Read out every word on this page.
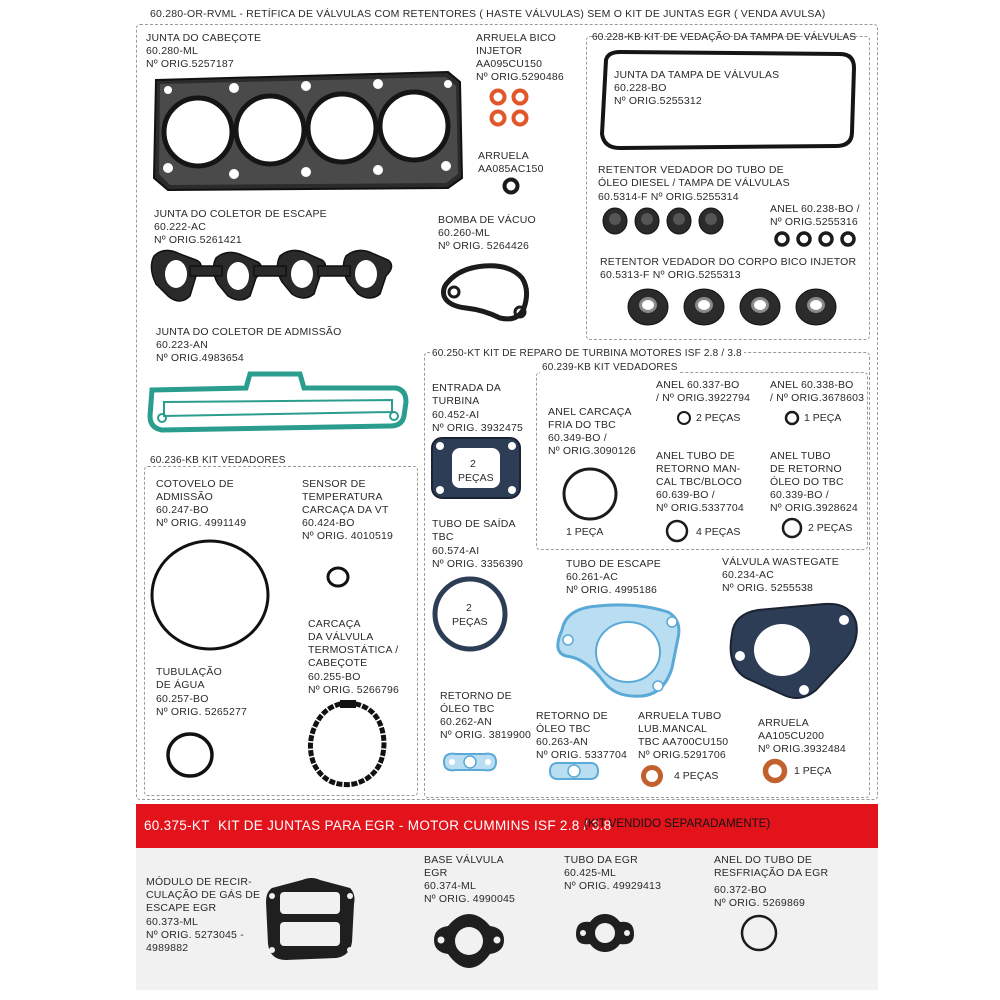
60.280-OR-RVML - RETÍFICA DE VÁLVULAS COM RETENTORES ( HASTE VÁLVULAS) SEM O KIT DE JUNTAS EGR ( VENDA AVULSA)
JUNTA DO CABEÇOTE
60.280-ML
Nº ORIG.5257187
ARRUELA BICO
INJETOR
AA095CU150
Nº ORIG.5290486
ARRUELA
AA085AC150
JUNTA DO COLETOR DE ESCAPE
60.222-AC
Nº ORIG.5261421
BOMBA DE VÁCUO
60.260-ML
Nº ORIG. 5264426
JUNTA DO COLETOR DE ADMISSÃO
60.223-AN
Nº ORIG.4983654
60.228-KB KIT DE VEDAÇÃO DA TAMPA DE VÁLVULAS
JUNTA DA TAMPA DE VÁLVULAS
60.228-BO
Nº ORIG.5255312
RETENTOR VEDADOR DO TUBO DE
ÓLEO DIESEL / TAMPA DE VÁLVULAS
60.5314-F Nº ORIG.5255314
ANEL 60.238-BO /
Nº ORIG.5255316
RETENTOR VEDADOR DO CORPO BICO INJETOR
60.5313-F Nº ORIG.5255313
60.250-KT KIT DE REPARO DE TURBINA MOTORES ISF 2.8 / 3.8
60.239-KB KIT VEDADORES
ENTRADA DA
TURBINA
60.452-AI
Nº ORIG. 3932475
2
PEÇAS
ANEL CARCAÇA
FRIA DO TBC
60.349-BO /
Nº ORIG.3090126
1 PEÇA
ANEL 60.337-BO
/ Nº ORIG.3922794
2 PEÇAS
ANEL 60.338-BO
/ Nº ORIG.3678603
1 PEÇA
ANEL TUBO DE
RETORNO MAN-
CAL TBC/BLOCO
60.639-BO /
Nº ORIG.5337704
4 PEÇAS
ANEL TUBO
DE RETORNO
ÓLEO DO TBC
60.339-BO /
Nº ORIG.3928624
2 PEÇAS
TUBO DE SAÍDA
TBC
60.574-AI
Nº ORIG. 3356390
2
PEÇAS
TUBO DE ESCAPE
60.261-AC
Nº ORIG. 4995186
VÁLVULA WASTEGATE
60.234-AC
Nº ORIG. 5255538
RETORNO DE
ÓLEO TBC
60.262-AN
Nº ORIG. 3819900
RETORNO DE
ÓLEO TBC
60.263-AN
Nº ORIG. 5337704
ARRUELA TUBO
LUB.MANCAL
TBC AA700CU150
Nº ORIG.5291706
4 PEÇAS
ARRUELA
AA105CU200
Nº ORIG.3932484
1 PEÇA
60.236-KB KIT VEDADORES
COTOVELO DE
ADMISSÃO
60.247-BO
Nº ORIG. 4991149
SENSOR DE
TEMPERATURA
CARCAÇA DA VT
60.424-BO
Nº ORIG. 4010519
CARCAÇA
DA VÁLVULA
TERMOSTÁTICA /
CABEÇOTE
60.255-BO
Nº ORIG. 5266796
TUBULAÇÃO
DE ÁGUA
60.257-BO
Nº ORIG. 5265277
60.375-KT KIT DE JUNTAS PARA EGR - MOTOR CUMMINS ISF 2.8 / 3.8
(KIT VENDIDO SEPARADAMENTE)
MÓDULO DE RECIR-
CULAÇÃO DE GÁS DE
ESCAPE EGR
60.373-ML
Nº ORIG. 5273045 -
4989882
BASE VÁLVULA
EGR
60.374-ML
Nº ORIG. 4990045
TUBO DA EGR
60.425-ML
Nº ORIG. 49929413
ANEL DO TUBO DE
RESFRIAÇÃO DA EGR
60.372-BO
Nº ORIG. 5269869
